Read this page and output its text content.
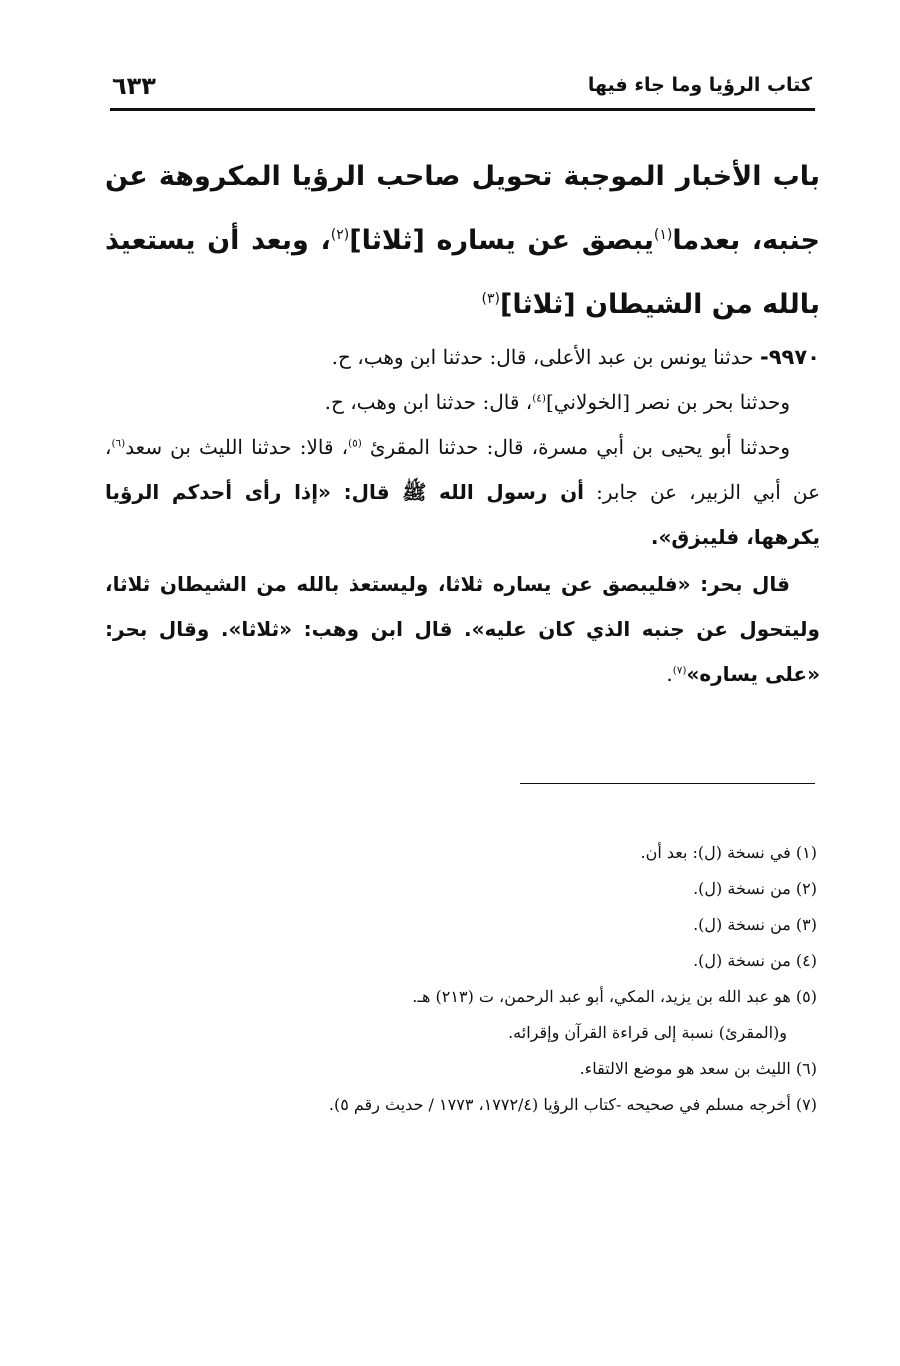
كتاب الرؤيا وما جاء فيها
٦٣٣
باب الأخبار الموجبة تحويل صاحب الرؤيا المكروهة عن جنبه، بعدما$^{(١)}$يبصق عن يساره [ثلاثا]$^{(٢)}$، وبعد أن يستعيذ بالله من الشيطان [ثلاثا]$^{(٣)}$

٩٩٧٠- حدثنا يونس بن عبد الأعلى، قال: حدثنا ابن وهب، ح.

وحدثنا بحر بن نصر [الخولاني]$^{(٤)}$، قال: حدثنا ابن وهب، ح.

وحدثنا أبو يحيى بن أبي مسرة، قال: حدثنا المقرئ $^{(٥)}$، قالا: حدثنا الليث بن سعد$^{(٦)}$، عن أبي الزبير، عن جابر: أن رسول الله ﷺ قال: «إذا رأى أحدكم الرؤيا يكرهها، فليبزق».

قال بحر: «فليبصق عن يساره ثلاثا، وليستعذ بالله من الشيطان ثلاثا، وليتحول عن جنبه الذي كان عليه». قال ابن وهب: «ثلاثا». وقال بحر: «على يساره»$^{(٧)}$.

(١) في نسخة (ل): بعد أن.

(٢) من نسخة (ل).

(٣) من نسخة (ل).

(٤) من نسخة (ل).

(٥) هو عبد الله بن يزيد، المكي، أبو عبد الرحمن، ت (٢١٣) هـ.

و(المقرئ) نسبة إلى قراءة القرآن وإقرائه.

(٦) الليث بن سعد هو موضع الالتقاء.

(٧) أخرجه مسلم في صحيحه -كتاب الرؤيا (١٧٧٢/٤، ١٧٧٣ / حديث رقم ٥).
